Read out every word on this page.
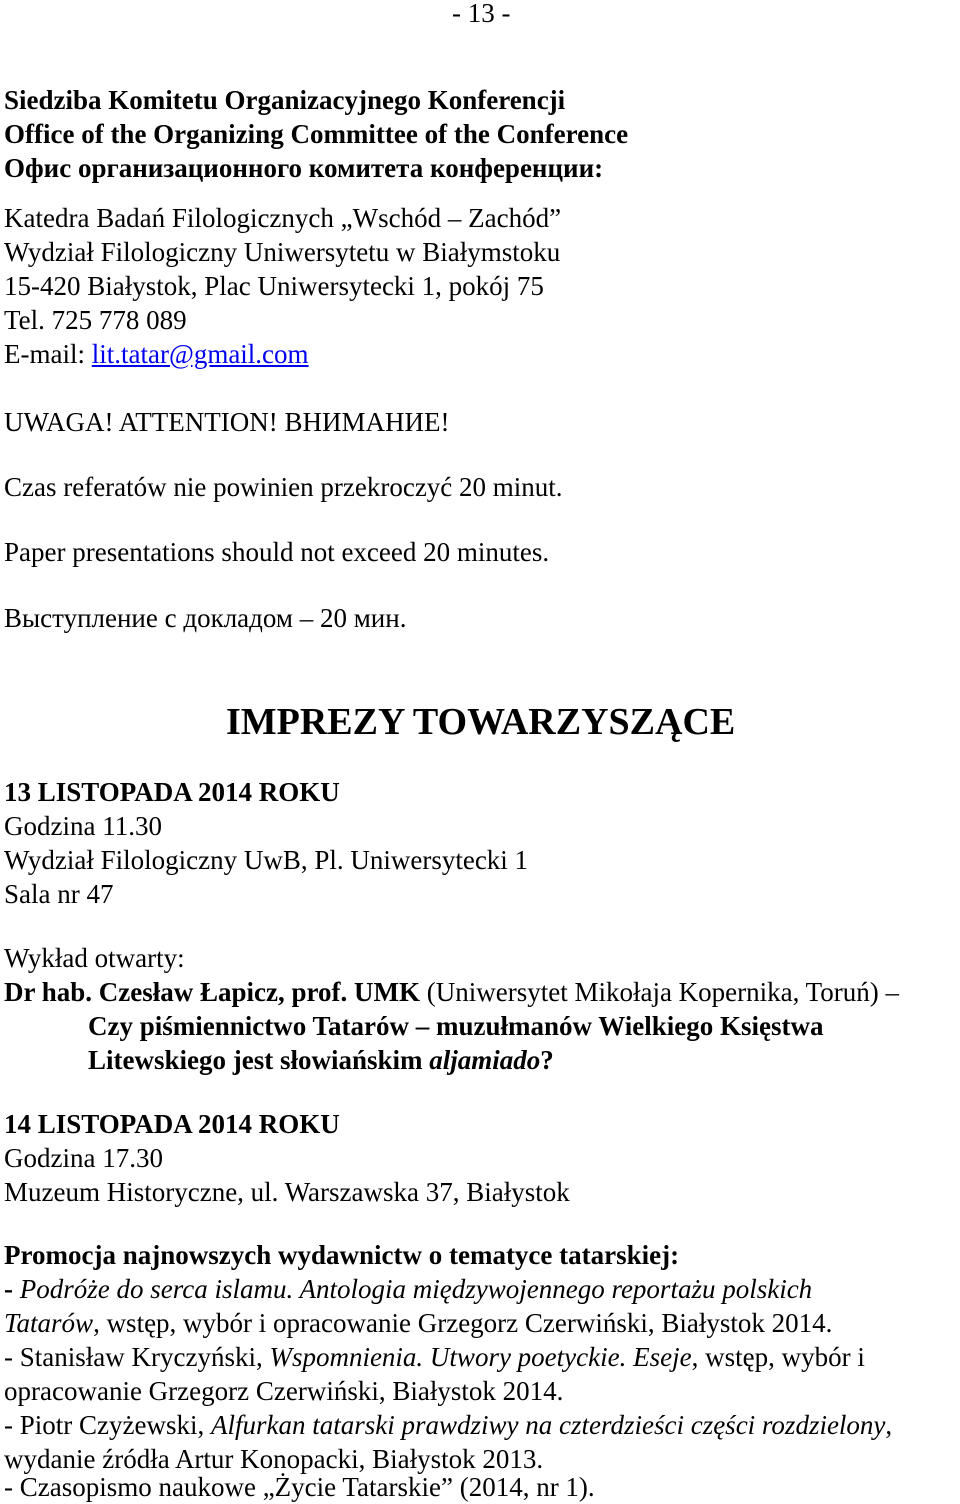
- 13 -
Siedziba Komitetu Organizacyjnego Konferencji
Office of the Organizing Committee of the Conference
Офис организационного комитета конференции:
Katedra Badań Filologicznych „Wschód – Zachód”
Wydział Filologiczny Uniwersytetu w Białymstoku
15-420 Białystok, Plac Uniwersytecki 1, pokój 75
Tel. 725 778 089
E-mail: lit.tatar@gmail.com
UWAGA! ATTENTION! ВНИМАНИЕ!
Czas referatów nie powinien przekroczyć 20 minut.
Paper presentations should not exceed 20 minutes.
Выступление с докладом – 20 мин.
IMPREZY TOWARZYSZĄCE
13 LISTOPADA 2014 ROKU
Godzina 11.30
Wydział Filologiczny UwB, Pl. Uniwersytecki 1
Sala nr 47
Wykład otwarty:
Dr hab. Czesław Łapicz, prof. UMK (Uniwersytet Mikołaja Kopernika, Toruń) –
Czy piśmiennictwo Tatarów – muzułmanów Wielkiego Księstwa
Litewskiego jest słowiańskim aljamiado?
14 LISTOPADA 2014 ROKU
Godzina 17.30
Muzeum Historyczne, ul. Warszawska 37, Białystok
Promocja najnowszych wydawnictw o tematyce tatarskiej:
- Podróże do serca islamu. Antologia międzywojennego reportażu polskich
Tatarów, wstęp, wybór i opracowanie Grzegorz Czerwiński, Białystok 2014.
- Stanisław Kryczyński, Wspomnienia. Utwory poetyckie. Eseje, wstęp, wybór i
opracowanie Grzegorz Czerwiński, Białystok 2014.
- Piotr Czyżewski, Alfurkan tatarski prawdziwy na czterdzieści części rozdzielony,
wydanie źródła Artur Konopacki, Białystok 2013.
- Czasopismo naukowe „Życie Tatarskie” (2014, nr 1).
